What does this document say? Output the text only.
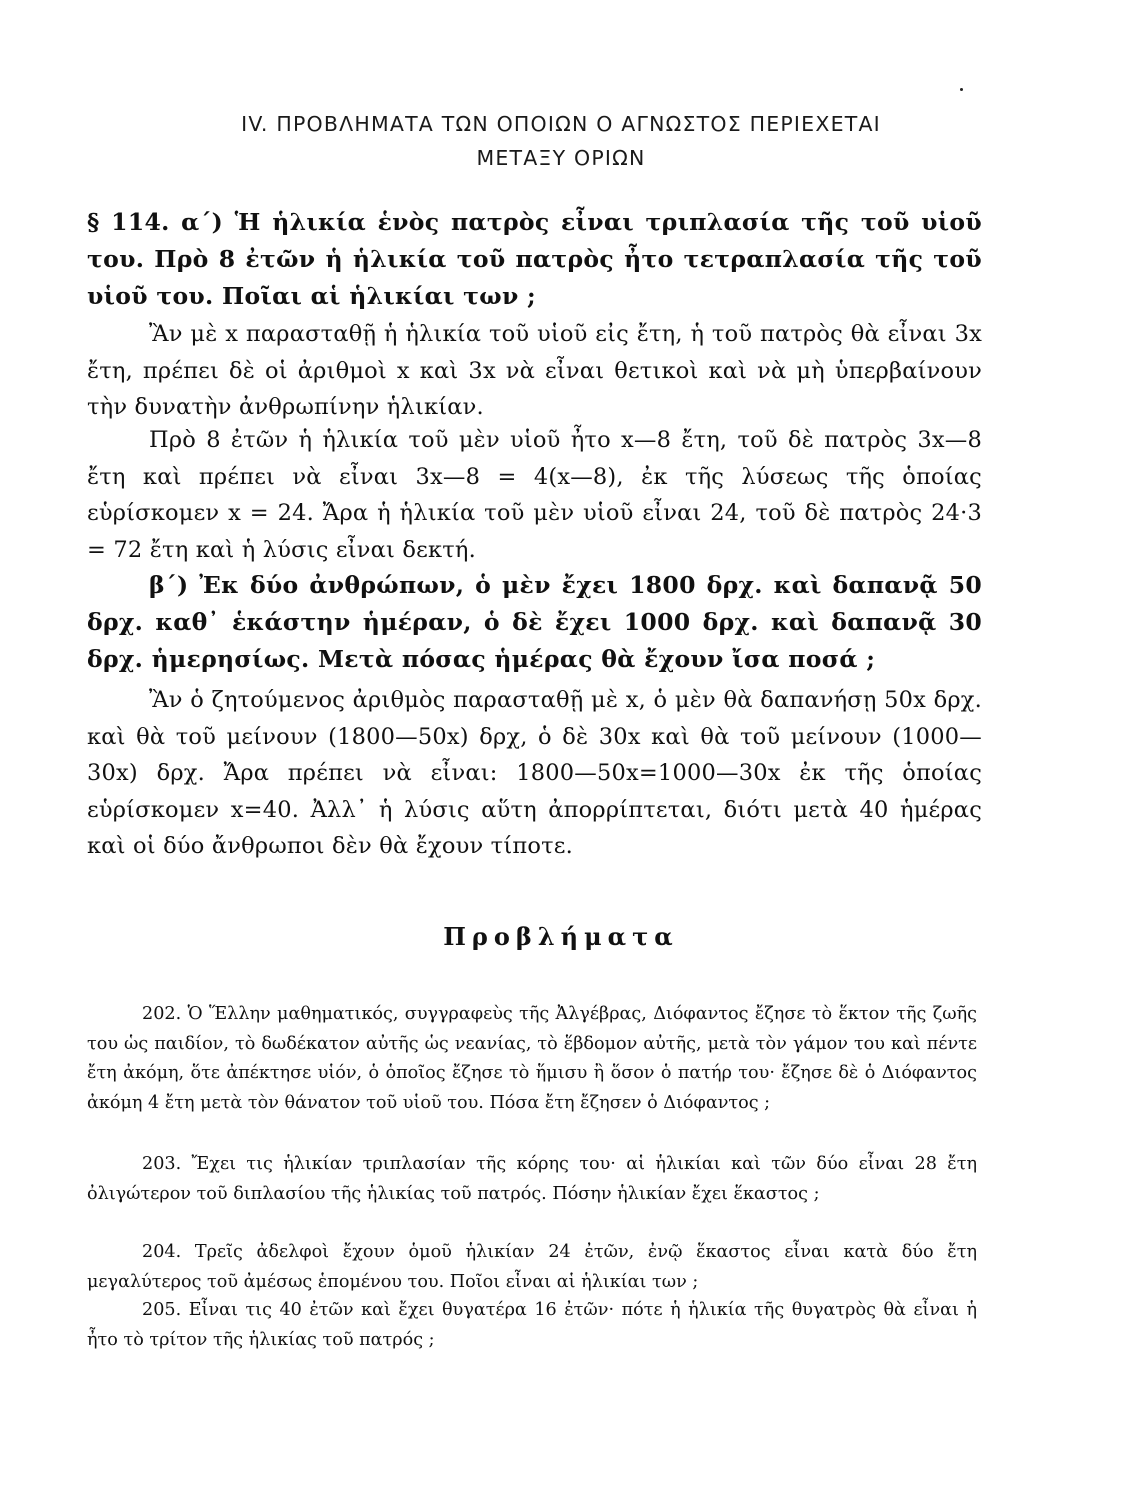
IV. ΠΡΟΒΛΗΜΑΤΑ ΤΩΝ ΟΠΟΙΩΝ Ο ΑΓΝΩΣΤΟΣ ΠΕΡΙΕΧΕΤΑΙ
ΜΕΤΑΞΥ ΟΡΙΩΝ

§ 114. α΄) Ἡ ἡλικία ἑνὸς πατρὸς εἶναι τριπλασία τῆς τοῦ υἱοῦ του. Πρὸ 8 ἐτῶν ἡ ἡλικία τοῦ πατρὸς ἦτο τετραπλασία τῆς τοῦ υἱοῦ του. Ποῖαι αἱ ἡλικίαι των ;

Ἂν μὲ x παρασταθῇ ἡ ἡλικία τοῦ υἱοῦ εἰς ἔτη, ἡ τοῦ πατρὸς θὰ εἶναι 3x ἔτη, πρέπει δὲ οἱ ἀριθμοὶ x καὶ 3x νὰ εἶναι θετικοὶ καὶ νὰ μὴ ὑπερβαίνουν τὴν δυνατὴν ἀνθρωπίνην ἡλικίαν.

Πρὸ 8 ἐτῶν ἡ ἡλικία τοῦ μὲν υἱοῦ ἦτο x—8 ἔτη, τοῦ δὲ πατρὸς 3x—8 ἔτη καὶ πρέπει νὰ εἶναι 3x—8 = 4(x—8), ἐκ τῆς λύσεως τῆς ὁποίας εὑρίσκομεν x = 24. Ἄρα ἡ ἡλικία τοῦ μὲν υἱοῦ εἶναι 24, τοῦ δὲ πατρὸς 24·3 = 72 ἔτη καὶ ἡ λύσις εἶναι δεκτή.

β΄) Ἐκ δύο ἀνθρώπων, ὁ μὲν ἔχει 1800 δρχ. καὶ δαπανᾷ 50 δρχ. καθ᾽ ἑκάστην ἡμέραν, ὁ δὲ ἔχει 1000 δρχ. καὶ δαπανᾷ 30 δρχ. ἡμερησίως. Μετὰ πόσας ἡμέρας θὰ ἔχουν ἴσα ποσά ;

Ἂν ὁ ζητούμενος ἀριθμὸς παρασταθῇ μὲ x, ὁ μὲν θὰ δαπανήσῃ 50x δρχ. καὶ θὰ τοῦ μείνουν (1800—50x) δρχ, ὁ δὲ 30x καὶ θὰ τοῦ μείνουν (1000—30x) δρχ. Ἄρα πρέπει νὰ εἶναι: 1800—50x=1000—30x ἐκ τῆς ὁποίας εὑρίσκομεν x=40. Ἀλλ᾽ ἡ λύσις αὕτη ἀπορρίπτεται, διότι μετὰ 40 ἡμέρας καὶ οἱ δύο ἄνθρωποι δὲν θὰ ἔχουν τίποτε.

Προβλήματα

202. Ὁ Ἕλλην μαθηματικός, συγγραφεὺς τῆς Ἀλγέβρας, Διόφαντος ἔζησε τὸ ἕκτον τῆς ζωῆς του ὡς παιδίον, τὸ δωδέκατον αὐτῆς ὡς νεανίας, τὸ ἕβδομον αὐτῆς, μετὰ τὸν γάμον του καὶ πέντε ἔτη ἀκόμη, ὅτε ἀπέκτησε υἱόν, ὁ ὁποῖος ἔζησε τὸ ἥμισυ ἢ ὅσον ὁ πατήρ του· ἔζησε δὲ ὁ Διόφαντος ἀκόμη 4 ἔτη μετὰ τὸν θάνατον τοῦ υἱοῦ του. Πόσα ἔτη ἔζησεν ὁ Διόφαντος ;

203. Ἔχει τις ἡλικίαν τριπλασίαν τῆς κόρης του· αἱ ἡλικίαι καὶ τῶν δύο εἶναι 28 ἔτη ὀλιγώτερον τοῦ διπλασίου τῆς ἡλικίας τοῦ πατρός. Πόσην ἡλικίαν ἔχει ἕκαστος ;

204. Τρεῖς ἀδελφοὶ ἔχουν ὁμοῦ ἡλικίαν 24 ἐτῶν, ἐνῷ ἕκαστος εἶναι κατὰ δύο ἔτη μεγαλύτερος τοῦ ἀμέσως ἑπομένου του. Ποῖοι εἶναι αἱ ἡλικίαι των ;

205. Εἶναι τις 40 ἐτῶν καὶ ἔχει θυγατέρα 16 ἐτῶν· πότε ἡ ἡλικία τῆς θυγατρὸς θὰ εἶναι ἡ ἦτο τὸ τρίτον τῆς ἡλικίας τοῦ πατρός ;
